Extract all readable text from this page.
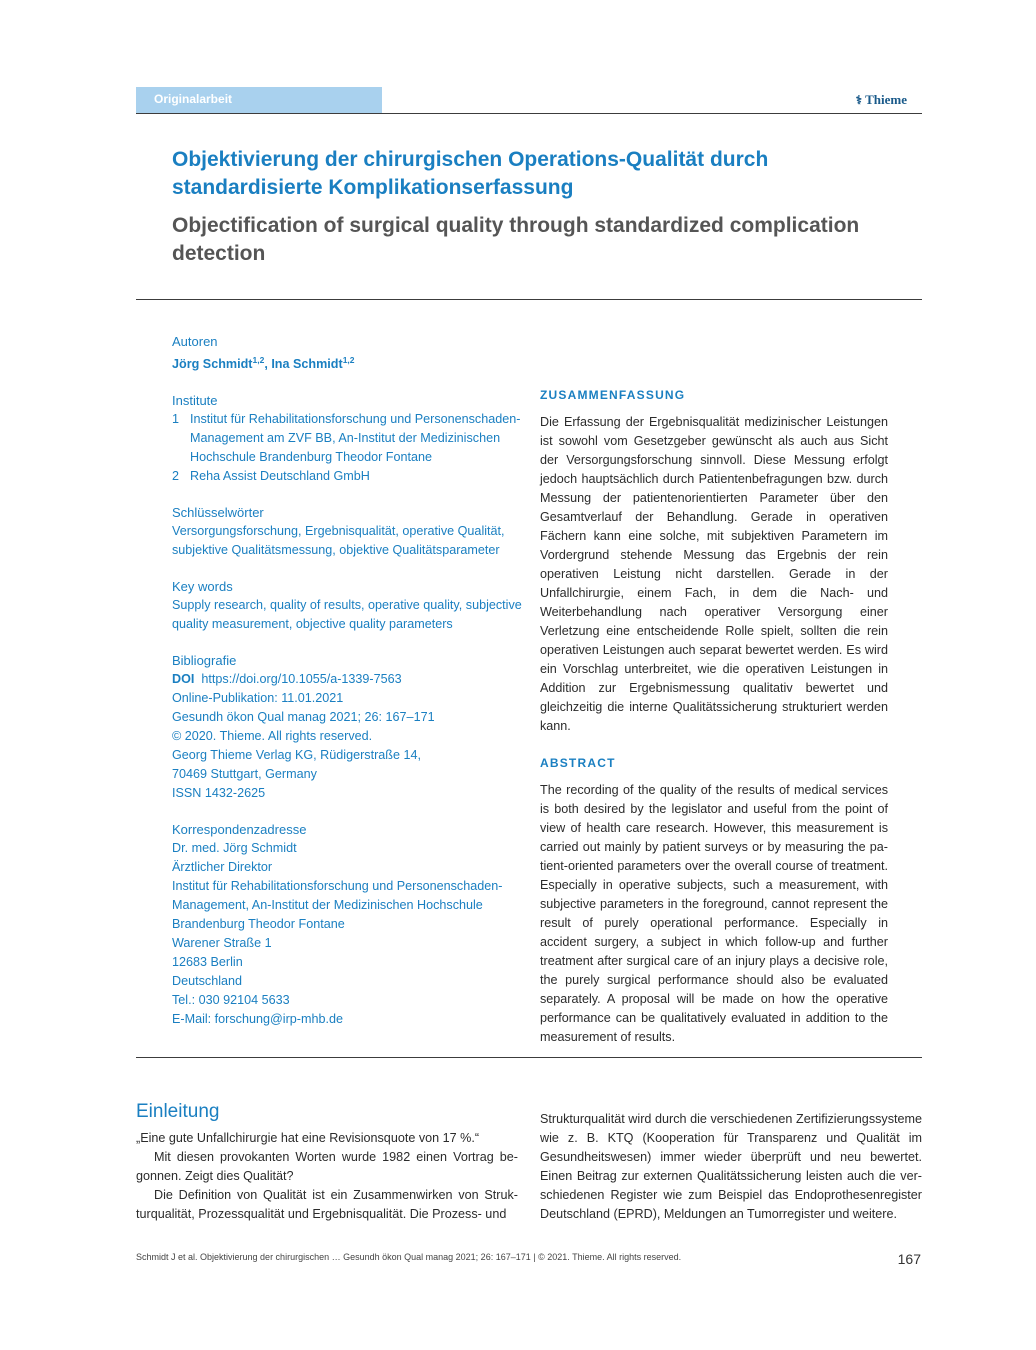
Originalarbeit	⚕ Thieme
Objektivierung der chirurgischen Operations-Qualität durch standardisierte Komplikationserfassung
Objectification of surgical quality through standardized complication detection
Autoren
Jörg Schmidt$^{1,2}$, Ina Schmidt$^{1,2}$
Institute
1 Institut für Rehabilitationsforschung und Personenschaden-Management am ZVF BB, An-Institut der Medizinischen Hochschule Brandenburg Theodor Fontane
2 Reha Assist Deutschland GmbH
Schlüsselwörter
Versorgungsforschung, Ergebnisqualität, operative Qualität, subjektive Qualitätsmessung, objektive Qualitätsparameter
Key words
Supply research, quality of results, operative quality, subjective quality measurement, objective quality parameters
Bibliografie
DOI https://doi.org/10.1055/a-1339-7563
Online-Publikation: 11.01.2021
Gesundh ökon Qual manag 2021; 26: 167–171
© 2020. Thieme. All rights reserved.
Georg Thieme Verlag KG, Rüdigerstraße 14,
70469 Stuttgart, Germany
ISSN 1432-2625
Korrespondenzadresse
Dr. med. Jörg Schmidt
Ärztlicher Direktor
Institut für Rehabilitationsforschung und Personenschaden-Management, An-Institut der Medizinischen Hochschule Brandenburg Theodor Fontane
Warener Straße 1
12683 Berlin
Deutschland
Tel.: 030 92104 5633
E-Mail: forschung@irp-mhb.de
ZUSAMMENFASSUNG

Die Erfassung der Ergebnisqualität medizinischer Leistungen ist sowohl vom Gesetzgeber gewünscht als auch aus Sicht der Versorgungsforschung sinnvoll. Diese Messung erfolgt jedoch hauptsächlich durch Patientenbefragungen bzw. durch Messung der patientenorientierten Parameter über den Gesamtverlauf der Behandlung. Gerade in operativen Fächern kann eine solche, mit subjektiven Parametern im Vordergrund stehende Messung das Ergebnis der rein operativen Leistung nicht darstellen. Gerade in der Unfallchirurgie, einem Fach, in dem die Nach- und Weiterbehandlung nach operativer Versorgung einer Verletzung eine entscheidende Rolle spielt, sollten die rein operativen Leistungen auch separat bewertet werden. Es wird ein Vorschlag unterbreitet, wie die operativen Leistungen in Addition zur Ergebnismessung qualitativ bewertet und gleichzeitig die interne Qualitätssicherung strukturiert werden kann.

ABSTRACT

The recording of the quality of the results of medical services is both desired by the legislator and useful from the point of view of health care research. However, this measurement is carried out mainly by patient surveys or by measuring the patient-oriented parameters over the overall course of treatment. Especially in operative subjects, such a measurement, with subjective parameters in the foreground, cannot represent the result of purely operational performance. Especially in accident surgery, a subject in which follow-up and further treatment after surgical care of an injury plays a decisive role, the purely surgical performance should also be evaluated separately. A proposal will be made on how the operative performance can be qualitatively evaluated in addition to the measurement of results.

Einleitung

„Eine gute Unfallchirurgie hat eine Revisionsquote von 17 %.“

Mit diesen provokanten Worten wurde 1982 einen Vortrag begonnen. Zeigt dies Qualität?

Die Definition von Qualität ist ein Zusammenwirken von Strukturqualität, Prozessqualität und Ergebnisqualität. Die Prozess- und

Strukturqualität wird durch die verschiedenen Zertifizierungssysteme wie z. B. KTQ (Kooperation für Transparenz und Qualität im Gesundheitswesen) immer wieder überprüft und neu bewertet. Einen Beitrag zur externen Qualitätssicherung leisten auch die verschiedenen Register wie zum Beispiel das Endoprothesenregister Deutschland (EPRD), Meldungen an Tumorregister und weitere.
Schmidt J et al. Objektivierung der chirurgischen … Gesundh ökon Qual manag 2021; 26: 167–171 | © 2021. Thieme. All rights reserved.	167
